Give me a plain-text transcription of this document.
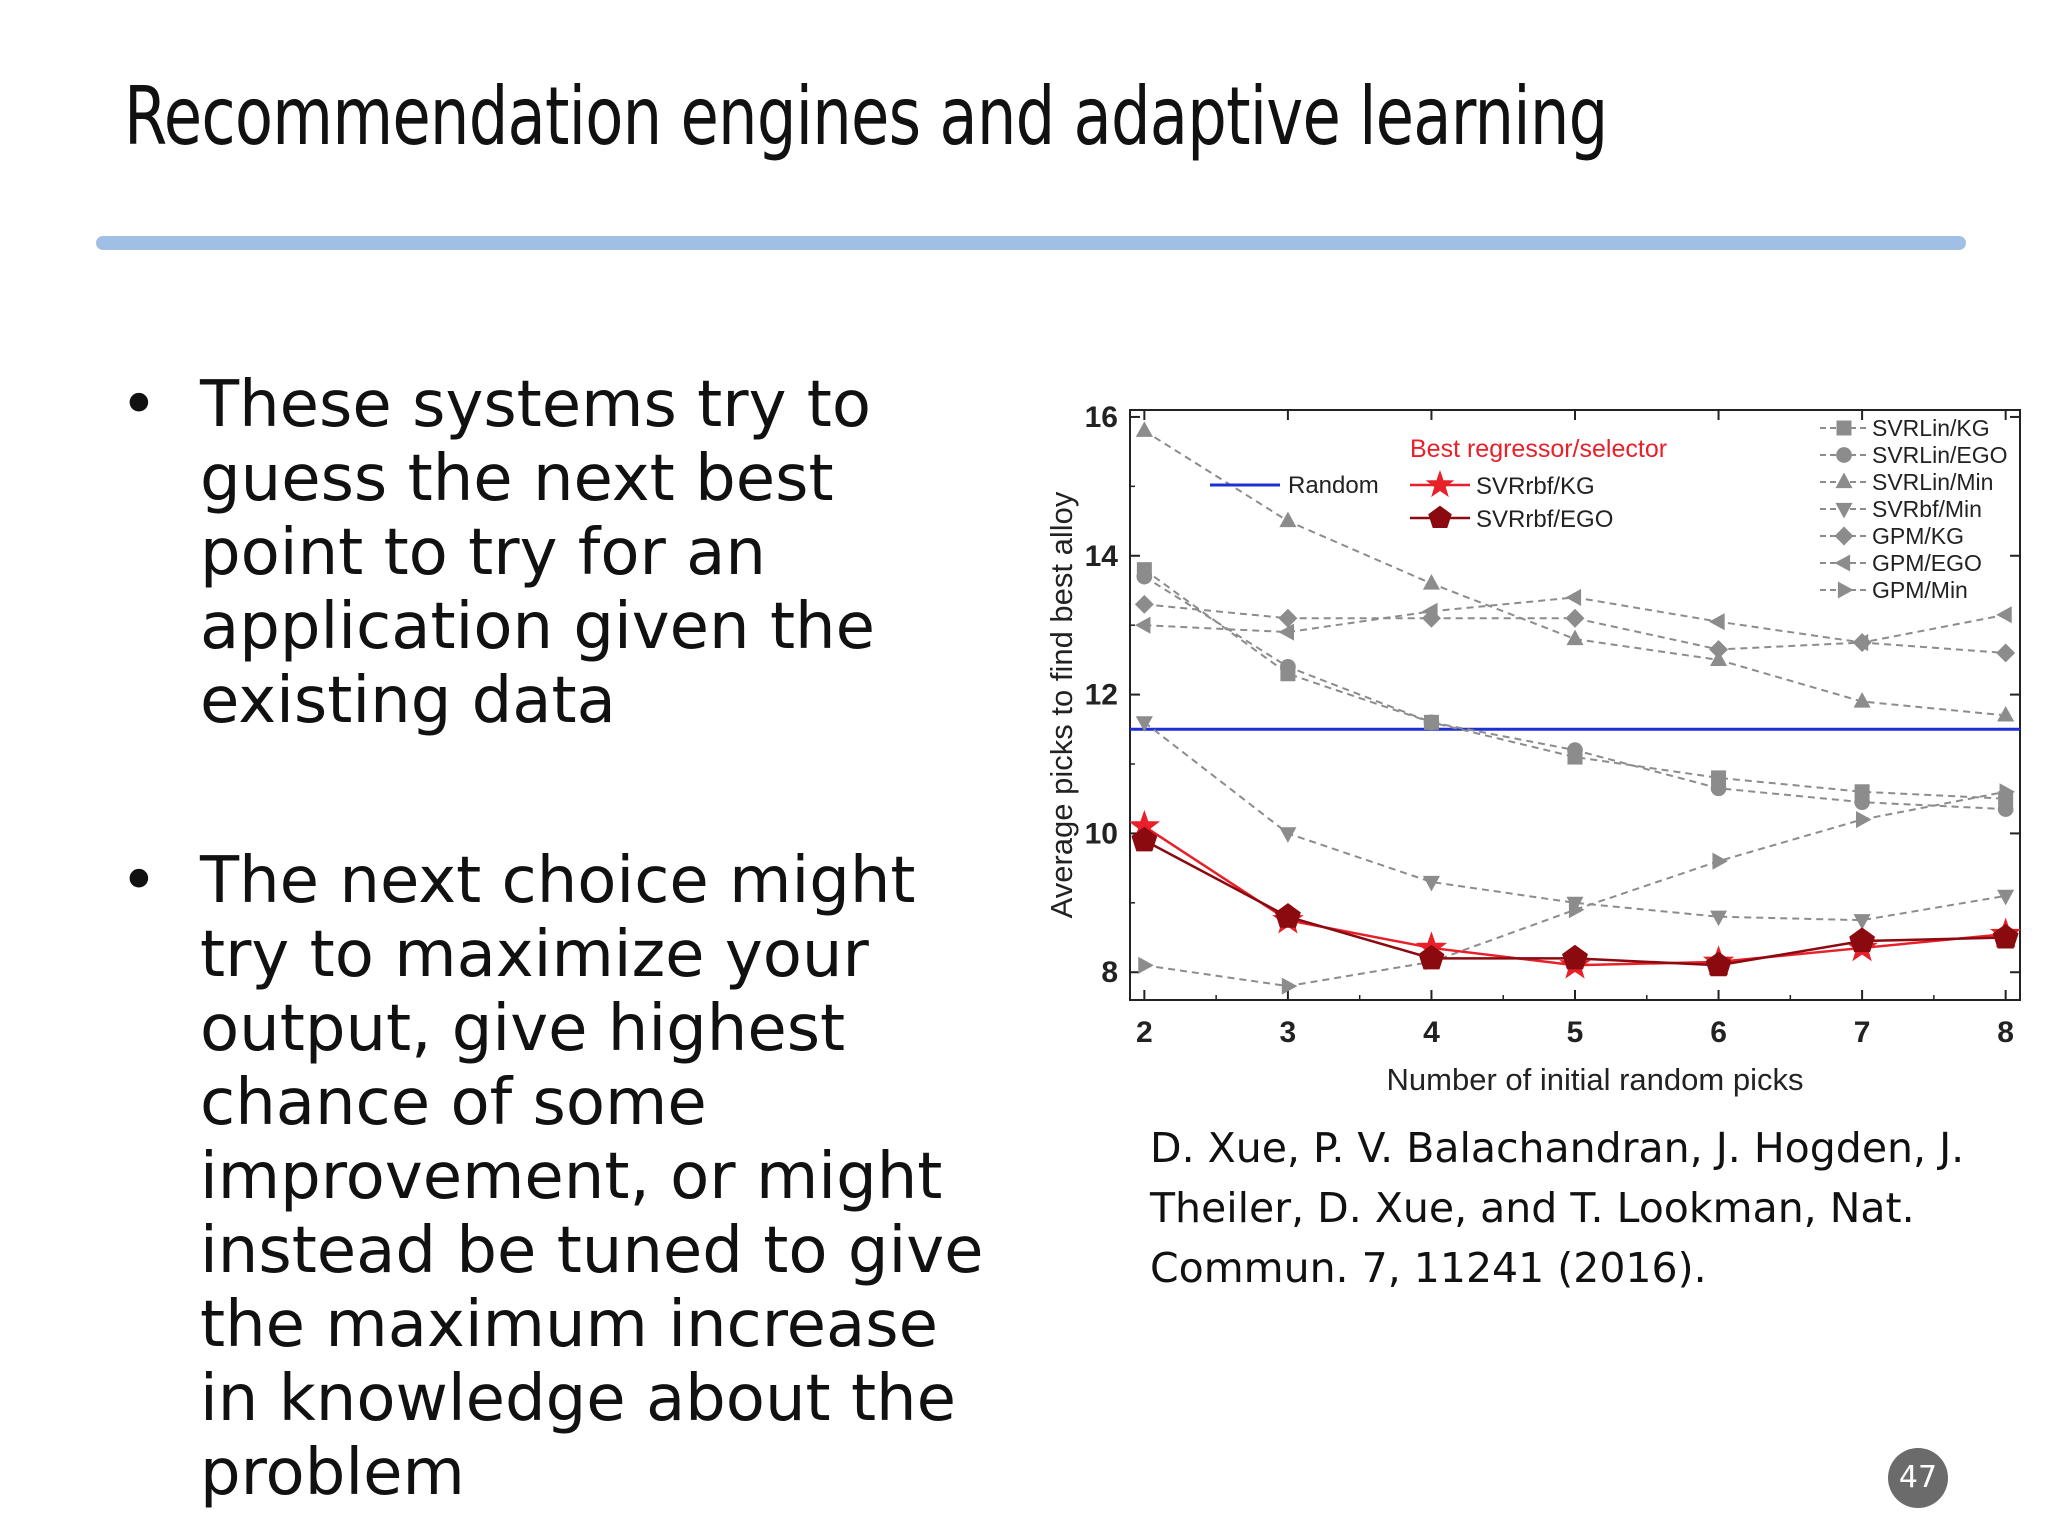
Recommendation engines and adaptive learning
• These systems try to guess the next best point to try for an application given the existing data
• The next choice might try to maximize your output, give highest chance of some improvement, or might instead be tuned to give the maximum increase in knowledge about the problem
2	3	4	5	6	7	8
8
10
12
14
16
Number of initial random picks
Average picks to find best alloy
Best regressor/selector
Random	SVRrbf/KG
SVRrbf/EGO
SVRLin/KG
SVRLin/EGO
SVRLin/Min
SVRbf/Min
GPM/KG
GPM/EGO
GPM/Min
D. Xue, P. V. Balachandran, J. Hogden, J. Theiler, D. Xue, and T. Lookman, Nat. Commun. 7, 11241 (2016).
47
